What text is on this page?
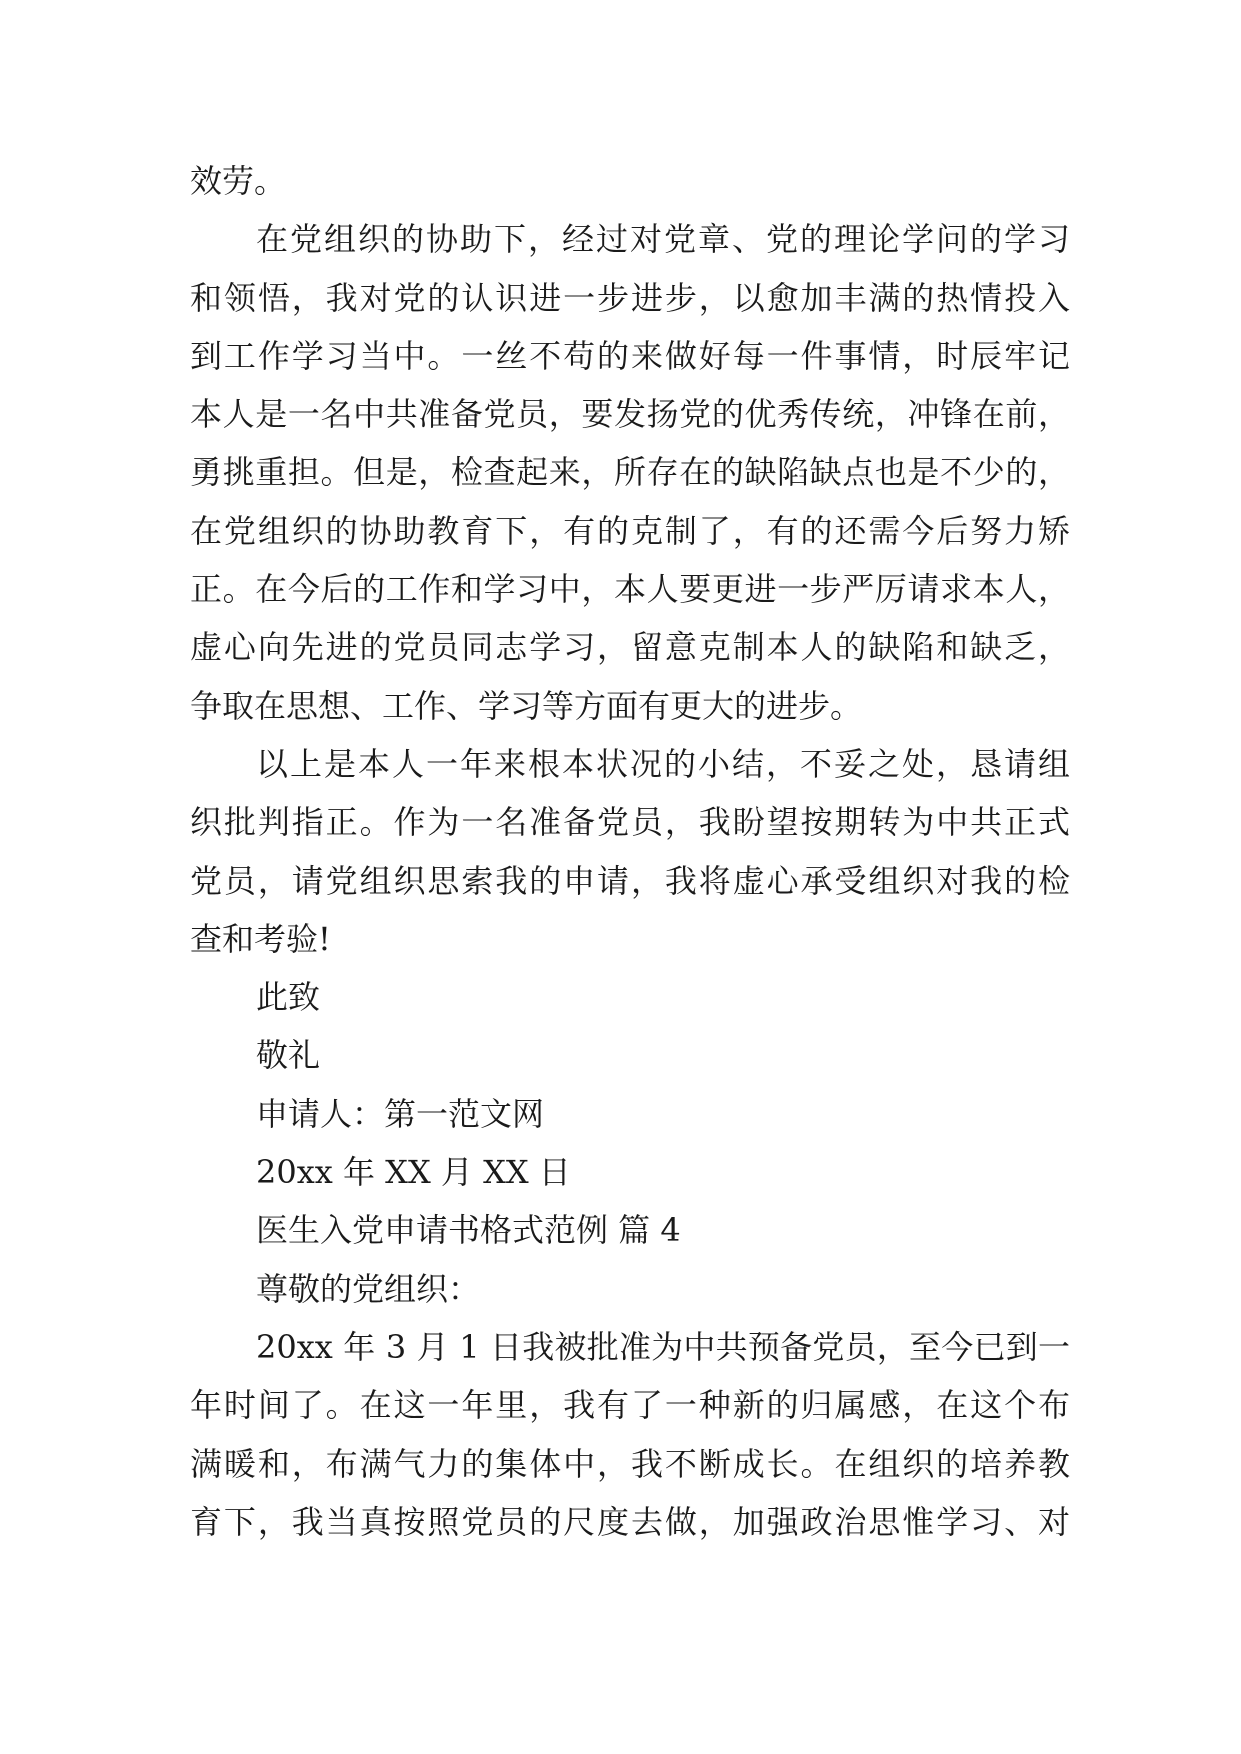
效劳。
在党组织的协助下，经过对党章、党的理论学问的学习
和领悟，我对党的认识进一步进步，以愈加丰满的热情投入
到工作学习当中。一丝不苟的来做好每一件事情，时辰牢记
本人是一名中共准备党员，要发扬党的优秀传统，冲锋在前，
勇挑重担。但是，检查起来，所存在的缺陷缺点也是不少的，
在党组织的协助教育下，有的克制了，有的还需今后努力矫
正。在今后的工作和学习中，本人要更进一步严厉请求本人，
虚心向先进的党员同志学习，留意克制本人的缺陷和缺乏，
争取在思想、工作、学习等方面有更大的进步。
以上是本人一年来根本状况的小结，不妥之处，恳请组
织批判指正。作为一名准备党员，我盼望按期转为中共正式
党员，请党组织思索我的申请，我将虚心承受组织对我的检
查和考验!
此致
敬礼
申请人：第一范文网
20xx 年 XX 月 XX 日
医生入党申请书格式范例 篇 4
尊敬的党组织：
20xx 年 3 月 1 日我被批准为中共预备党员，至今已到一
年时间了。在这一年里，我有了一种新的归属感，在这个布
满暖和，布满气力的集体中，我不断成长。在组织的培养教
育下，我当真按照党员的尺度去做，加强政治思惟学习、对
